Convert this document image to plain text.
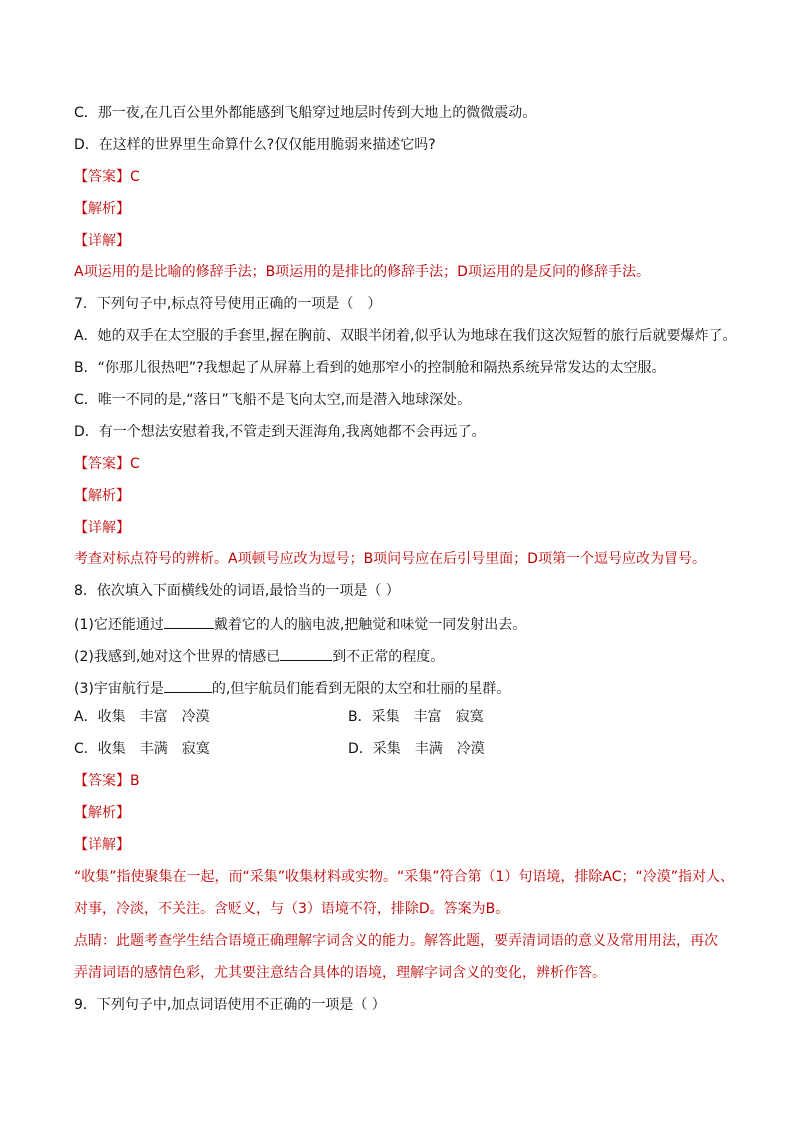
C．那一夜,在几百公里外都能感到飞船穿过地层时传到大地上的微微震动。
D．在这样的世界里生命算什么?仅仅能用脆弱来描述它吗?
【答案】C
【解析】
【详解】
A项运用的是比喻的修辞手法；B项运用的是排比的修辞手法；D项运用的是反问的修辞手法。
7．下列句子中,标点符号使用正确的一项是（　）
A．她的双手在太空服的手套里,握在胸前、双眼半闭着,似乎认为地球在我们这次短暂的旅行后就要爆炸了。
B．“你那儿很热吧”?我想起了从屏幕上看到的她那窄小的控制舱和隔热系统异常发达的太空服。
C．唯一不同的是,“落日”飞船不是飞向太空,而是潜入地球深处。
D．有一个想法安慰着我,不管走到天涯海角,我离她都不会再远了。
【答案】C
【解析】
【详解】
考查对标点符号的辨析。A项顿号应改为逗号；B项问号应在后引号里面；D项第一个逗号应改为冒号。
8．依次填入下面横线处的词语,最恰当的一项是（ ）
(1)它还能通过	戴着它的人的脑电波,把触觉和味觉一同发射出去。
(2)我感到,她对这个世界的情感已	到不正常的程度。
(3)宇宙航行是	的,但宇航员们能看到无限的太空和壮丽的星群。
A．收集　丰富　冷漠	B．采集　丰富　寂寞
C．收集　丰满　寂寞	D．采集　丰满　冷漠
【答案】B
【解析】
【详解】
“收集”指使聚集在一起，而“采集”收集材料或实物。“采集”符合第（1）句语境，排除AC；“冷漠”指对人、
对事，冷淡，不关注。含贬义，与（3）语境不符，排除D。答案为B。
点睛：此题考查学生结合语境正确理解字词含义的能力。解答此题，要弄清词语的意义及常用用法，再次
弄清词语的感情色彩，尤其要注意结合具体的语境，理解字词含义的变化，辨析作答。
9．下列句子中,加点词语使用不正确的一项是（ ）
